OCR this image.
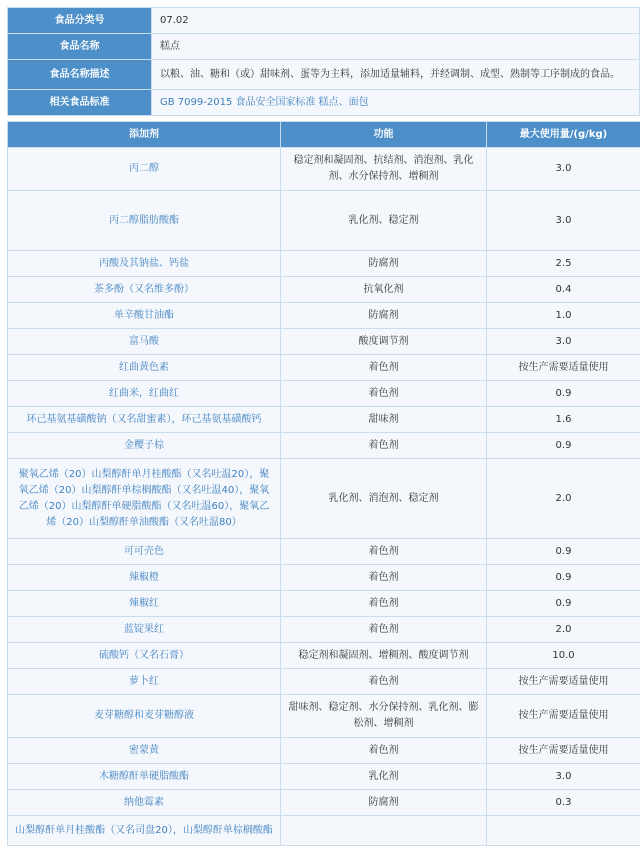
食品分类号	07.02
食品名称	糕点
食品名称描述	以粮、油、糖和（或）甜味剂、蛋等为主料，添加适量辅料，并经调制、成型、熟制等工序制成的食品。
相关食品标准	GB 7099-2015 食品安全国家标准 糕点、面包
添加剂	功能	最大使用量/(g/kg)
丙二醇	稳定剂和凝固剂、抗结剂、消泡剂、乳化剂、水分保持剂、增稠剂	3.0
丙二醇脂肪酸酯	乳化剂、稳定剂	3.0
丙酸及其钠盐、钙盐	防腐剂	2.5
茶多酚（又名维多酚）	抗氧化剂	0.4
单辛酸甘油酯	防腐剂	1.0
富马酸	酸度调节剂	3.0
红曲黄色素	着色剂	按生产需要适量使用
红曲米，红曲红	着色剂	0.9
环己基氨基磺酸钠（又名甜蜜素），环己基氨基磺酸钙	甜味剂	1.6
金樱子棕	着色剂	0.9
聚氧乙烯（20）山梨醇酐单月桂酸酯（又名吐温20），聚氧乙烯（20）山梨醇酐单棕榈酸酯（又名吐温40），聚氧乙烯（20）山梨醇酐单硬脂酸酯（又名吐温60），聚氧乙烯（20）山梨醇酐单油酸酯（又名吐温80）	乳化剂、消泡剂、稳定剂	2.0
可可壳色	着色剂	0.9
辣椒橙	着色剂	0.9
辣椒红	着色剂	0.9
蓝锭果红	着色剂	2.0
硫酸钙（又名石膏）	稳定剂和凝固剂、增稠剂、酸度调节剂	10.0
萝卜红	着色剂	按生产需要适量使用
麦芽糖醇和麦芽糖醇液	甜味剂、稳定剂、水分保持剂、乳化剂、膨松剂、增稠剂	按生产需要适量使用
密蒙黄	着色剂	按生产需要适量使用
木糖醇酐单硬脂酸酯	乳化剂	3.0
纳他霉素	防腐剂	0.3
山梨醇酐单月桂酸酯（又名司盘20），山梨醇酐单棕榈酸酯		
